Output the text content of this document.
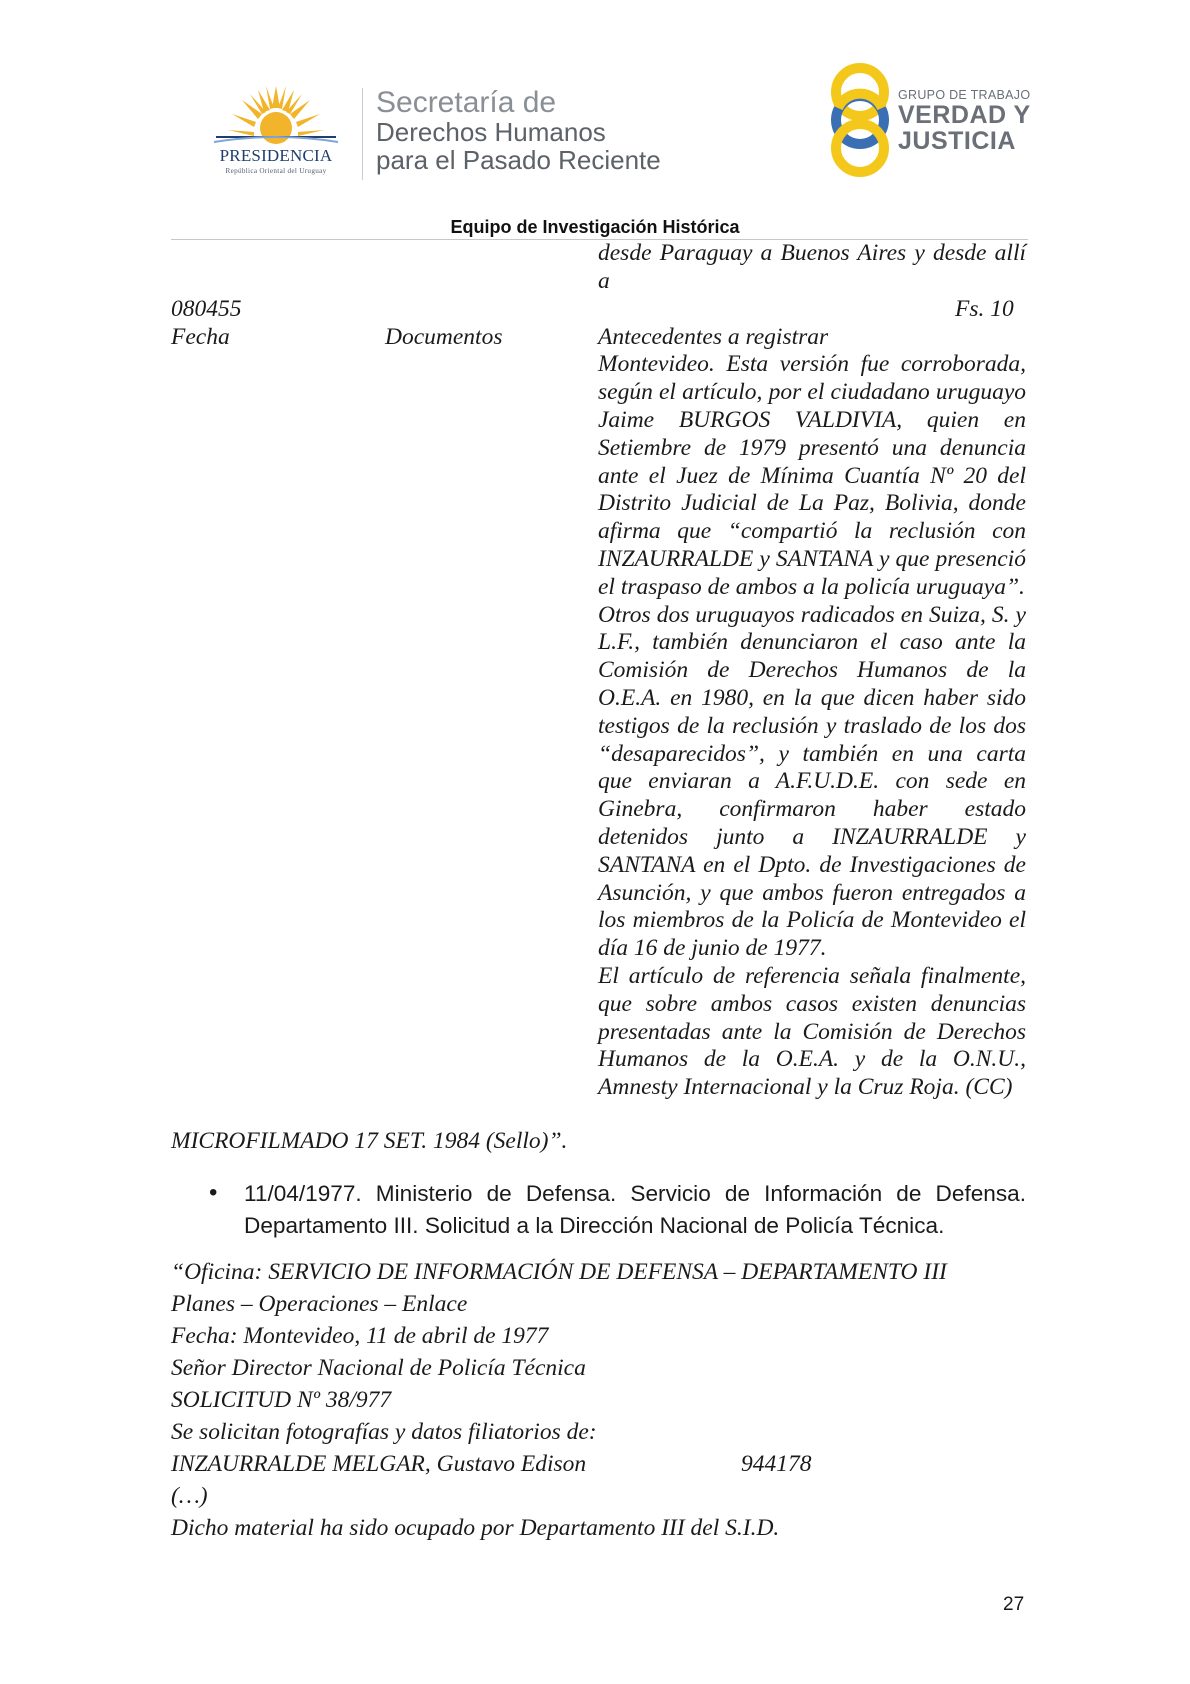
PRESIDENCIA
República Oriental del Uruguay
Secretaría de
Derechos Humanos
para el Pasado Reciente
GRUPO DE TRABAJO
VERDAD Y
JUSTICIA
Equipo de Investigación Histórica

desde Paraguay a Buenos Aires y desde allí a

Antecedentes a registrar

Montevideo. Esta versión fue corroborada, según el artículo, por el ciudadano uruguayo Jaime BURGOS VALDIVIA, quien en Setiembre de 1979 presentó una denuncia ante el Juez de Mínima Cuantía Nº 20 del Distrito Judicial de La Paz, Bolivia, donde afirma que “compartió la reclusión con INZAURRALDE y SANTANA y que presenció el traspaso de ambos a la policía uruguaya”.

Otros dos uruguayos radicados en Suiza, S. y L.F., también denunciaron el caso ante la Comisión de Derechos Humanos de la O.E.A. en 1980, en la que dicen haber sido testigos de la reclusión y traslado de los dos “desaparecidos”, y también en una carta que enviaran a A.F.U.D.E. con sede en Ginebra, confirmaron haber estado detenidos junto a INZAURRALDE y SANTANA en el Dpto. de Investigaciones de Asunción, y que ambos fueron entregados a los miembros de la Policía de Montevideo el día 16 de junio de 1977.

El artículo de referencia señala finalmente, que sobre ambos casos existen denuncias presentadas ante la Comisión de Derechos Humanos de la O.E.A. y de la O.N.U., Amnesty Internacional y la Cruz Roja. (CC)

080455	Fs. 10
Fecha	Documentos
MICROFILMADO 17 SET. 1984 (Sello)”.
• 11/04/1977. Ministerio de Defensa. Servicio de Información de Defensa. Departamento III. Solicitud a la Dirección Nacional de Policía Técnica.
“Oficina: SERVICIO DE INFORMACIÓN DE DEFENSA – DEPARTAMENTO III
Planes – Operaciones – Enlace
Fecha: Montevideo, 11 de abril de 1977
Señor Director Nacional de Policía Técnica
SOLICITUD Nº 38/977
Se solicitan fotografías y datos filiatorios de:
INZAURRALDE MELGAR, Gustavo Edison	944178
(…)
Dicho material ha sido ocupado por Departamento III del S.I.D.
27
